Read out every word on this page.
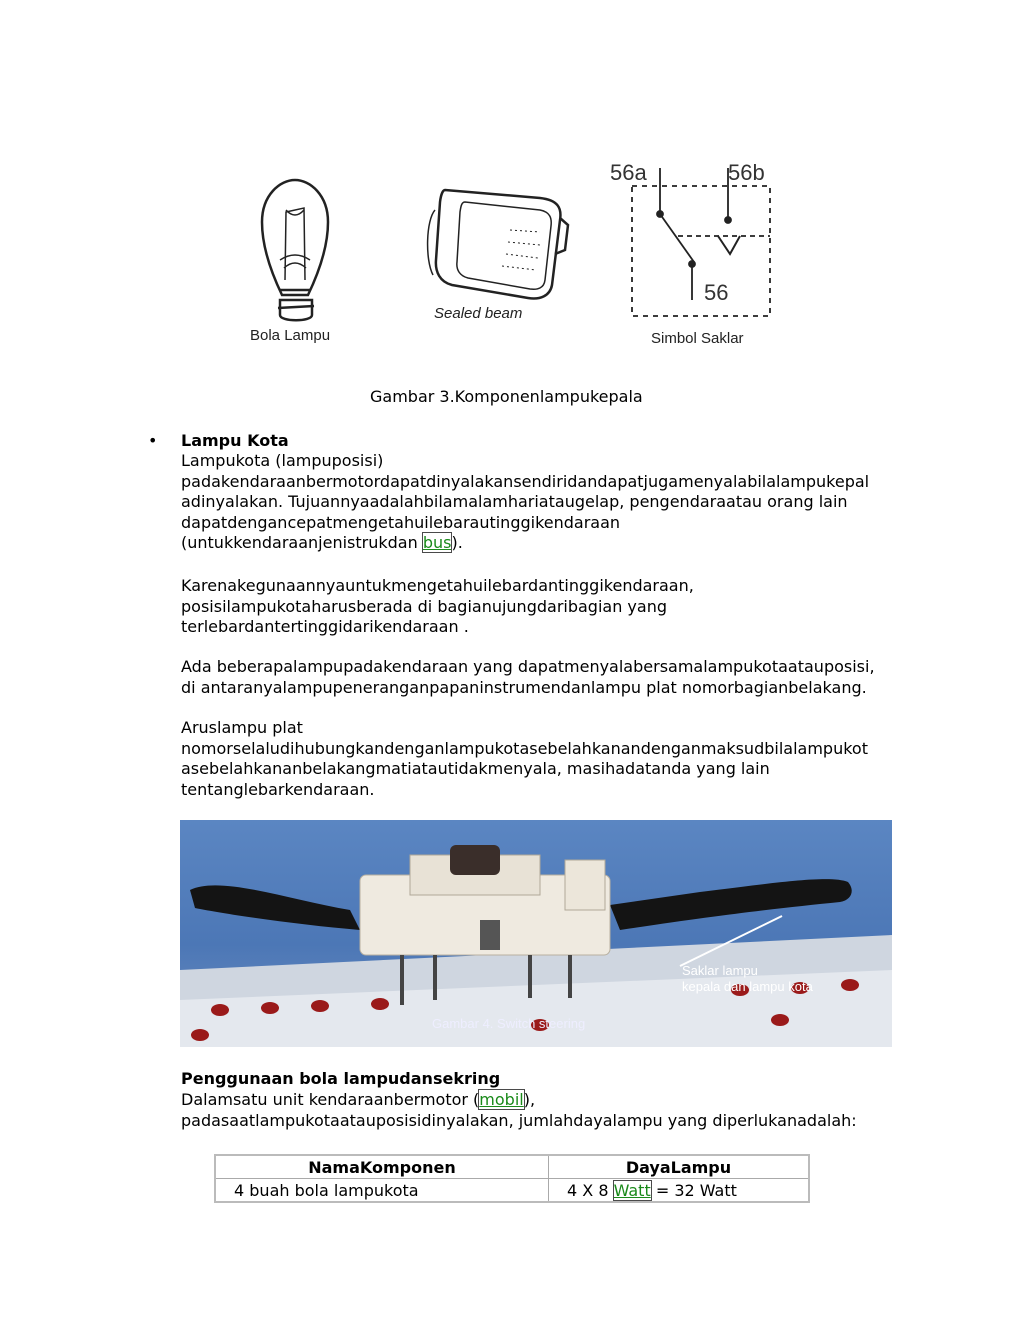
56a	56b
56
Bola Lampu
Sealed beam
Simbol Saklar
Gambar 3.Komponenlampukepala
• Lampu Kota
Lampukota (lampuposisi)
padakendaraanbermotordapatdinyalakansendiridandapatjugamenyalabilalampukepal
adinyalakan. Tujuannyaadalahbilamalamhariataugelap, pengendaraatau orang lain
dapatdengancepatmengetahuilebarautinggikendaraan
(untukkendaraanjenistrukdan bus).
Karenakegunaannyauntukmengetahuilebardantinggikendaraan,
posisilampukotaharusberada di bagianujungdaribagian yang
terlebardantertinggidarikendaraan .
Ada beberapalampupadakendaraan yang dapatmenyalabersamalampukotaatauposisi,
di antaranyalampupeneranganpapaninstrumendanlampu plat nomorbagianbelakang.
Aruslampu plat
nomorselaludihubungkandenganlampukotasebelahkanandenganmaksudbilalampukot
asebelahkananbelakangmatiatautidakmenyala, masihadatanda yang lain
tentanglebarkendaraan.
Saklar lampu
kepala dan lampu kota
Gambar 4. Switch steering
Penggunaan bola lampudansekring
Dalamsatu unit kendaraanbermotor (mobil),
padasaatlampukotaatauposisidinyalakan, jumlahdayalampu yang diperlukanadalah:
NamaKomponen	DayaLampu
4 buah bola lampukota	4 X 8 Watt = 32 Watt
